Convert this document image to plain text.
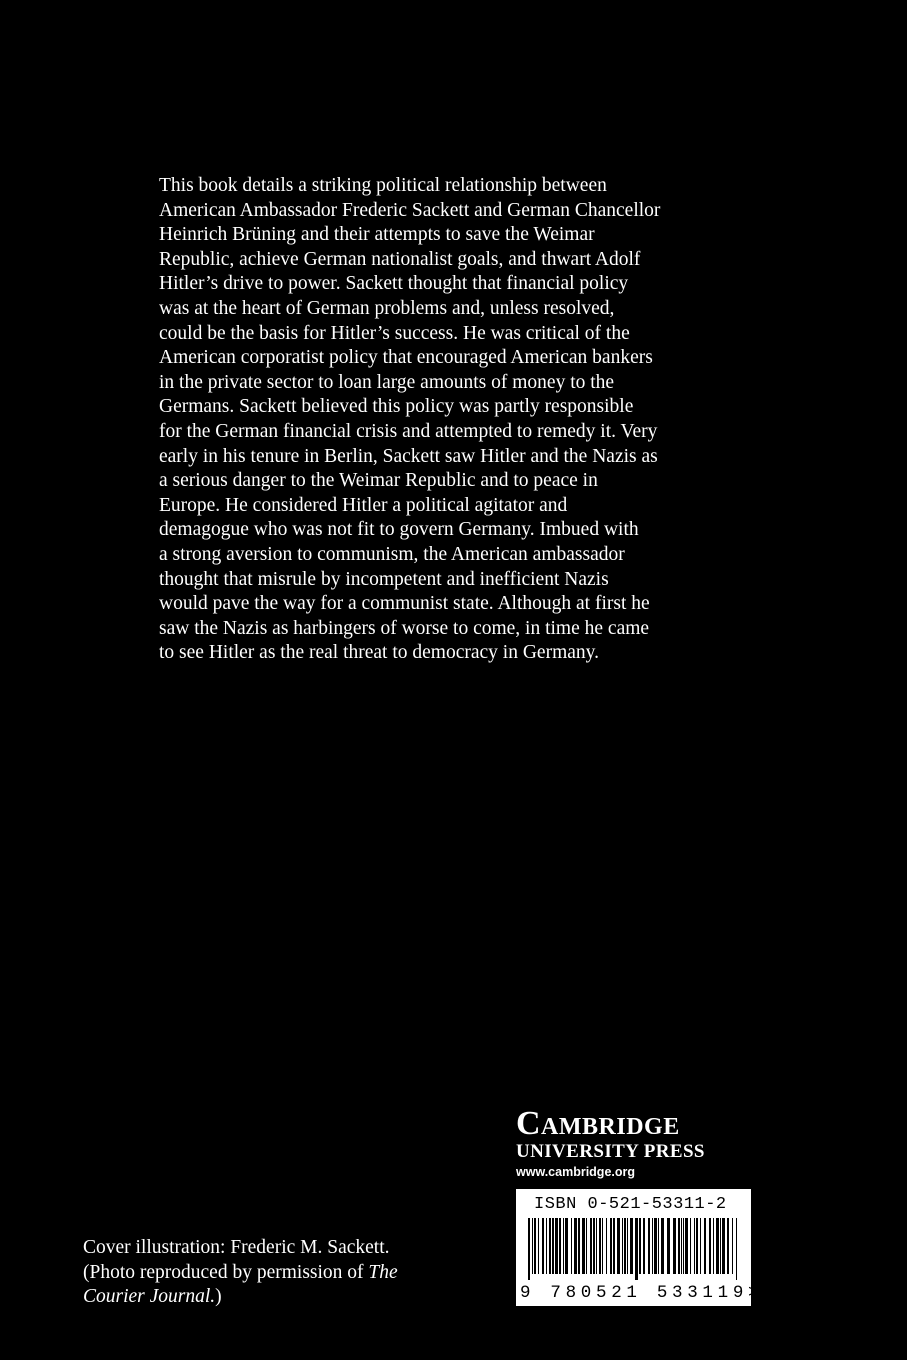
This book details a striking political relationship between
American Ambassador Frederic Sackett and German Chancellor
Heinrich Brüning and their attempts to save the Weimar
Republic, achieve German nationalist goals, and thwart Adolf
Hitler’s drive to power. Sackett thought that financial policy
was at the heart of German problems and, unless resolved,
could be the basis for Hitler’s success. He was critical of the
American corporatist policy that encouraged American bankers
in the private sector to loan large amounts of money to the
Germans. Sackett believed this policy was partly responsible
for the German financial crisis and attempted to remedy it. Very
early in his tenure in Berlin, Sackett saw Hitler and the Nazis as
a serious danger to the Weimar Republic and to peace in
Europe. He considered Hitler a political agitator and
demagogue who was not fit to govern Germany. Imbued with
a strong aversion to communism, the American ambassador
thought that misrule by incompetent and inefficient Nazis
would pave the way for a communist state. Although at first he
saw the Nazis as harbingers of worse to come, in time he came
to see Hitler as the real threat to democracy in Germany.
Cambridge
UNIVERSITY PRESS
www.cambridge.org
ISBN 0-521-53311-2
9 780521 533119>
Cover illustration: Frederic M. Sackett.
(Photo reproduced by permission of The
Courier Journal.)
